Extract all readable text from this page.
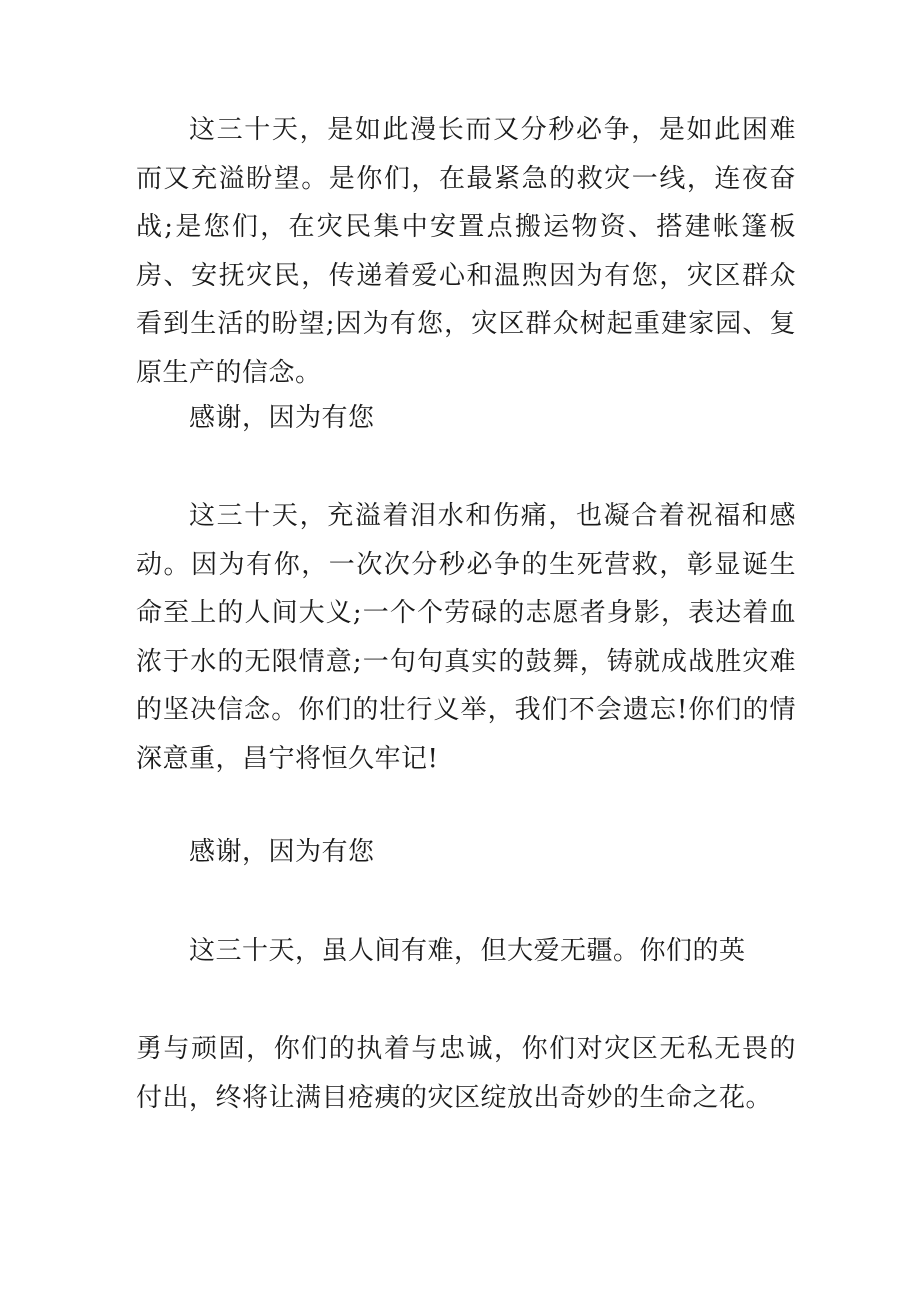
这三十天，是如此漫长而又分秒必争，是如此困难而又充溢盼望。是你们，在最紧急的救灾一线，连夜奋战;是您们，在灾民集中安置点搬运物资、搭建帐篷板房、安抚灾民，传递着爱心和温煦因为有您，灾区群众看到生活的盼望;因为有您，灾区群众树起重建家园、复原生产的信念。

感谢，因为有您

这三十天，充溢着泪水和伤痛，也凝合着祝福和感动。因为有你，一次次分秒必争的生死营救，彰显诞生命至上的人间大义;一个个劳碌的志愿者身影，表达着血浓于水的无限情意;一句句真实的鼓舞，铸就成战胜灾难的坚决信念。你们的壮行义举，我们不会遗忘!你们的情深意重，昌宁将恒久牢记!

感谢，因为有您

这三十天，虽人间有难，但大爱无疆。你们的英

勇与顽固，你们的执着与忠诚，你们对灾区无私无畏的付出，终将让满目疮痍的灾区绽放出奇妙的生命之花。
